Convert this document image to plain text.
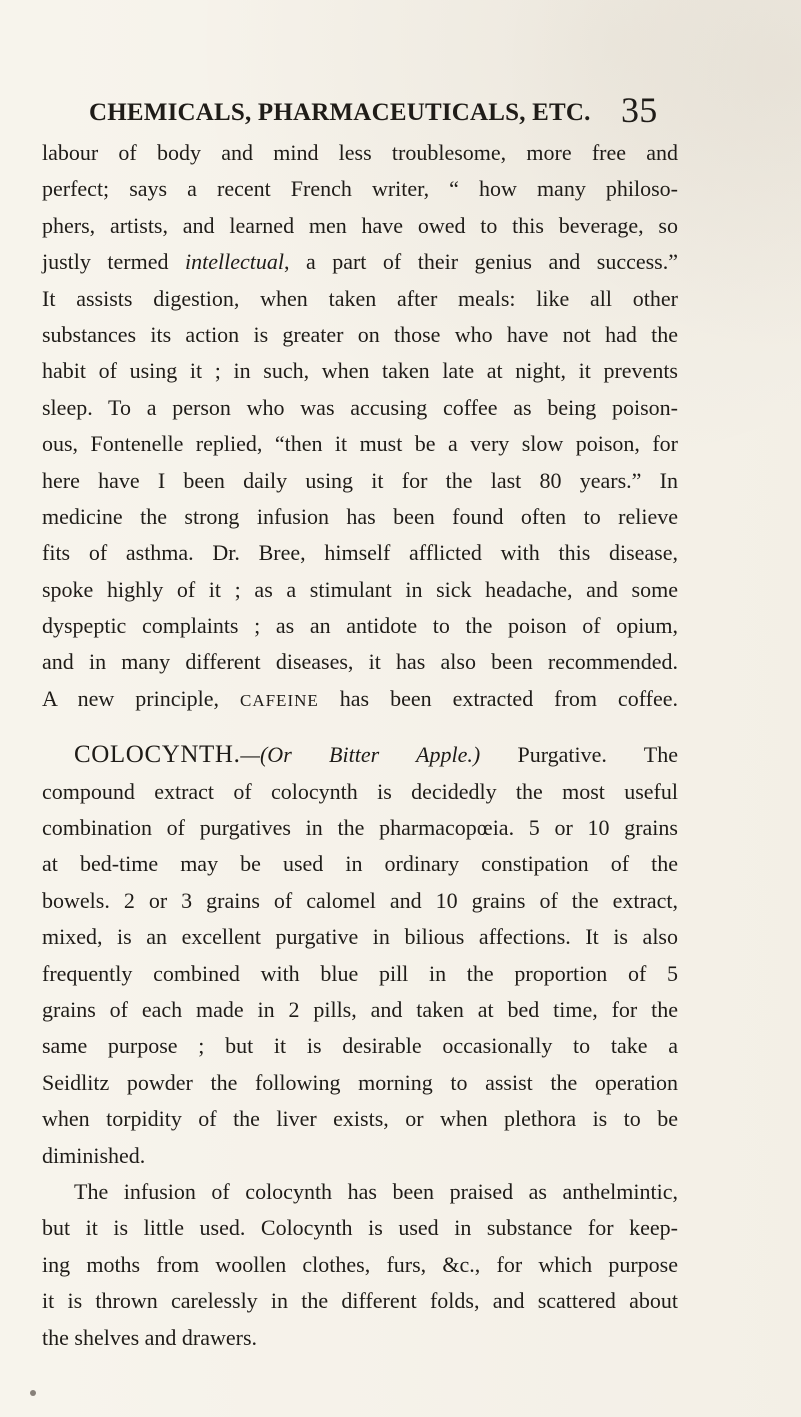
CHEMICALS, PHARMACEUTICALS, ETC. 35

labour of body and mind less troublesome, more free and
perfect; says a recent French writer, “ how many philoso-
phers, artists, and learned men have owed to this beverage, so
justly termed intellectual, a part of their genius and success.”
It assists digestion, when taken after meals: like all other
substances its action is greater on those who have not had the
habit of using it ; in such, when taken late at night, it prevents
sleep. To a person who was accusing coffee as being poison-
ous, Fontenelle replied, “then it must be a very slow poison, for
here have I been daily using it for the last 80 years.” In
medicine the strong infusion has been found often to relieve
fits of asthma. Dr. Bree, himself afflicted with this disease,
spoke highly of it ; as a stimulant in sick headache, and some
dyspeptic complaints ; as an antidote to the poison of opium,
and in many different diseases, it has also been recommended.
A new principle, CAFEINE has been extracted from coffee.

COLOCYNTH.—(Or Bitter Apple.) Purgative. The
compound extract of colocynth is decidedly the most useful
combination of purgatives in the pharmacopœia. 5 or 10 grains
at bed-time may be used in ordinary constipation of the
bowels. 2 or 3 grains of calomel and 10 grains of the extract,
mixed, is an excellent purgative in bilious affections. It is also
frequently combined with blue pill in the proportion of 5
grains of each made in 2 pills, and taken at bed time, for the
same purpose ; but it is desirable occasionally to take a
Seidlitz powder the following morning to assist the operation
when torpidity of the liver exists, or when plethora is to be
diminished.
The infusion of colocynth has been praised as anthelmintic,
but it is little used. Colocynth is used in substance for keep-
ing moths from woollen clothes, furs, &c., for which purpose
it is thrown carelessly in the different folds, and scattered about
the shelves and drawers.
